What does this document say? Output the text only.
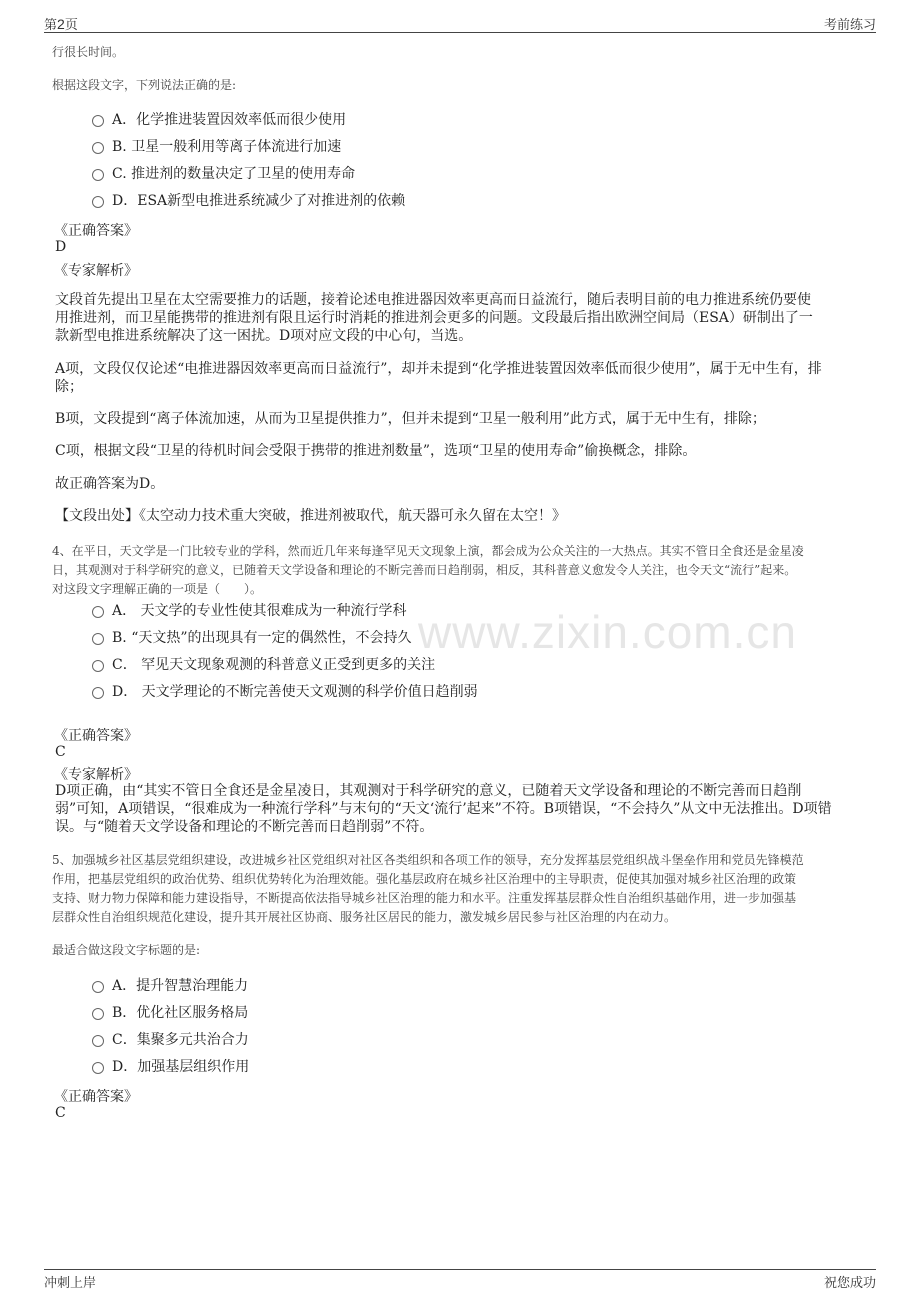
第2页	考前练习
www.zixin.com.cn
行很长时间。
根据这段文字，下列说法正确的是:
A．化学推进装置因效率低而很少使用
B. 卫星一般利用等离子体流进行加速
C. 推进剂的数量决定了卫星的使用寿命
D．ESA新型电推进系统减少了对推进剂的依赖
《正确答案》
D
《专家解析》
文段首先提出卫星在太空需要推力的话题，接着论述电推进器因效率更高而日益流行，随后表明目前的电力推进系统仍要使
用推进剂，而卫星能携带的推进剂有限且运行时消耗的推进剂会更多的问题。文段最后指出欧洲空间局（ESA）研制出了一
款新型电推进系统解决了这一困扰。D项对应文段的中心句，当选。
A项，文段仅仅论述“电推进器因效率更高而日益流行”，却并未提到“化学推进装置因效率低而很少使用”，属于无中生有，排
除；
B项，文段提到“离子体流加速，从而为卫星提供推力”，但并未提到“卫星一般利用”此方式，属于无中生有，排除；
C项，根据文段“卫星的待机时间会受限于携带的推进剂数量”，选项“卫星的使用寿命”偷换概念，排除。
故正确答案为D。
【文段出处】《太空动力技术重大突破，推进剂被取代，航天器可永久留在太空！》
4、在平日，天文学是一门比较专业的学科，然而近几年来每逢罕见天文现象上演，都会成为公众关注的一大热点。其实不管日全食还是金星凌
日，其观测对于科学研究的意义，已随着天文学设备和理论的不断完善而日趋削弱，相反，其科普意义愈发令人关注，也令天文“流行”起来。
对这段文字理解正确的一项是（　　）。
A． 天文学的专业性使其很难成为一种流行学科
B. “天文热”的出现具有一定的偶然性，不会持久
C． 罕见天文现象观测的科普意义正受到更多的关注
D． 天文学理论的不断完善使天文观测的科学价值日趋削弱
《正确答案》
C
《专家解析》
D项正确，由“其实不管日全食还是金星凌日，其观测对于科学研究的意义，已随着天文学设备和理论的不断完善而日趋削
弱”可知，A项错误，“很难成为一种流行学科”与末句的“天文‘流行’起来”不符。B项错误，“不会持久”从文中无法推出。D项错
误。与“随着天文学设备和理论的不断完善而日趋削弱”不符。
5、加强城乡社区基层党组织建设，改进城乡社区党组织对社区各类组织和各项工作的领导，充分发挥基层党组织战斗堡垒作用和党员先锋模范
作用，把基层党组织的政治优势、组织优势转化为治理效能。强化基层政府在城乡社区治理中的主导职责，促使其加强对城乡社区治理的政策
支持、财力物力保障和能力建设指导，不断提高依法指导城乡社区治理的能力和水平。注重发挥基层群众性自治组织基础作用，进一步加强基
层群众性自治组织规范化建设，提升其开展社区协商、服务社区居民的能力，激发城乡居民参与社区治理的内在动力。
最适合做这段文字标题的是:
A．提升智慧治理能力
B．优化社区服务格局
C．集聚多元共治合力
D．加强基层组织作用
《正确答案》
C
冲刺上岸	祝您成功
